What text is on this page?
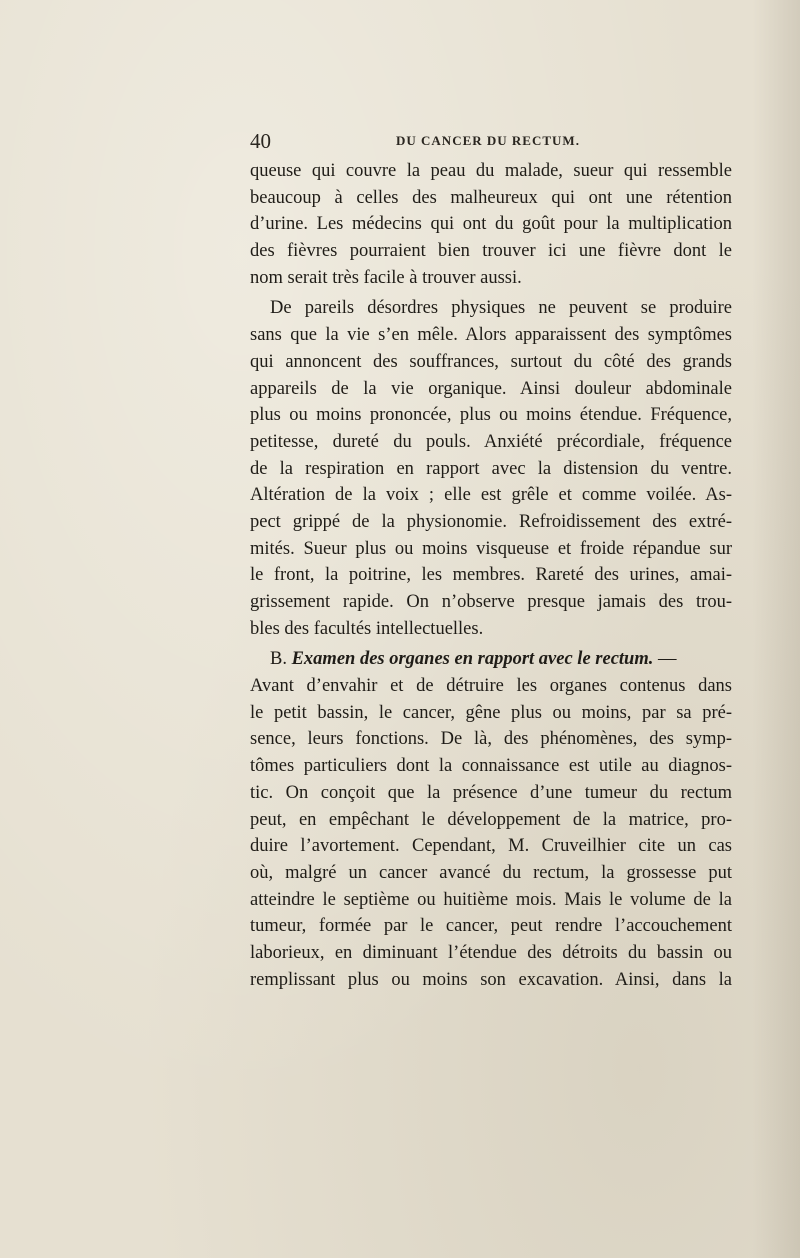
40	DU CANCER DU RECTUM.
queuse qui couvre la peau du malade, sueur qui ressemble
beaucoup à celles des malheureux qui ont une rétention
d’urine. Les médecins qui ont du goût pour la multiplication
des fièvres pourraient bien trouver ici une fièvre dont le
nom serait très facile à trouver aussi.
De pareils désordres physiques ne peuvent se produire
sans que la vie s’en mêle. Alors apparaissent des symptômes
qui annoncent des souffrances, surtout du côté des grands
appareils de la vie organique. Ainsi douleur abdominale
plus ou moins prononcée, plus ou moins étendue. Fréquence,
petitesse, dureté du pouls. Anxiété précordiale, fréquence
de la respiration en rapport avec la distension du ventre.
Altération de la voix ; elle est grêle et comme voilée. As-
pect grippé de la physionomie. Refroidissement des extré-
mités. Sueur plus ou moins visqueuse et froide répandue sur
le front, la poitrine, les membres. Rareté des urines, amai-
grissement rapide. On n’observe presque jamais des trou-
bles des facultés intellectuelles.
B. Examen des organes en rapport avec le rectum. —
Avant d’envahir et de détruire les organes contenus dans
le petit bassin, le cancer, gêne plus ou moins, par sa pré-
sence, leurs fonctions. De là, des phénomènes, des symp-
tômes particuliers dont la connaissance est utile au diagnos-
tic. On conçoit que la présence d’une tumeur du rectum
peut, en empêchant le développement de la matrice, pro-
duire l’avortement. Cependant, M. Cruveilhier cite un cas
où, malgré un cancer avancé du rectum, la grossesse put
atteindre le septième ou huitième mois. Mais le volume de la
tumeur, formée par le cancer, peut rendre l’accouchement
laborieux, en diminuant l’étendue des détroits du bassin ou
remplissant plus ou moins son excavation. Ainsi, dans la
